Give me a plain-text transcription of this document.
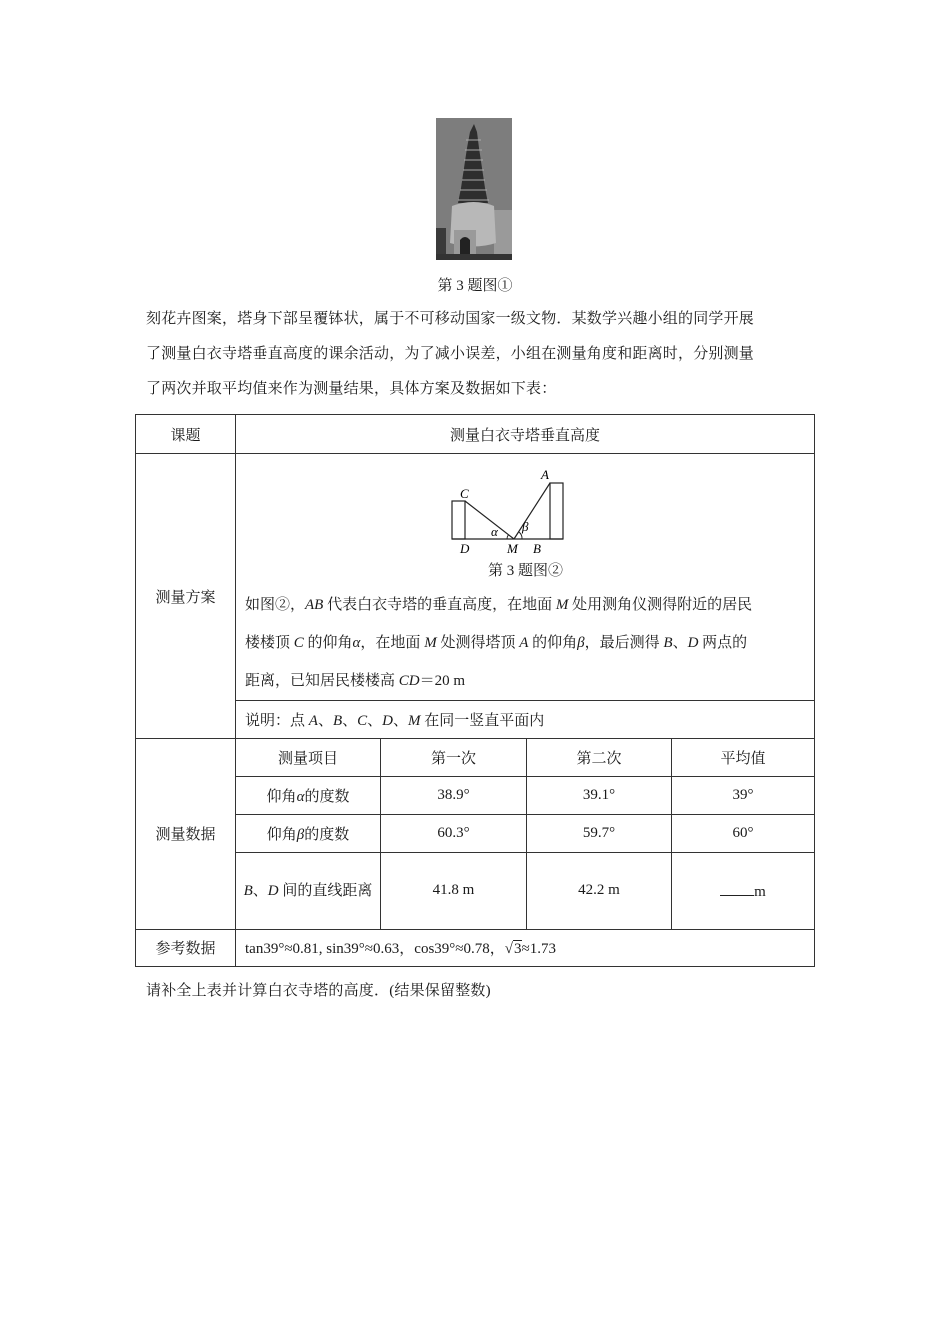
第 3 题图①
刻花卉图案，塔身下部呈覆钵状，属于不可移动国家一级文物．某数学兴趣小组的同学开展
了测量白衣寺塔垂直高度的课余活动，为了减小误差，小组在测量角度和距离时，分别测量
了两次并取平均值来作为测量结果，具体方案及数据如下表：
课题	测量白衣寺塔垂直高度
测量方案	
C
A
D	M B
α β
第 3 题图②
如图②，AB 代表白衣寺塔的垂直高度，在地面 M 处用测角仪测得附近的居民
楼楼顶 C 的仰角α，在地面 M 处测得塔顶 A 的仰角β，最后测得 B、D 两点的
距离，已知居民楼楼高 CD＝20 m

说明：点 A、B、C、D、M 在同一竖直平面内
测量数据	
测量项目	第一次	第二次	平均值
仰角α的度数	38.9°	39.1°	39°
仰角β的度数	60.3°	59.7°	60°
B、D 间的直线距离	41.8 m	42.2 m	m

参考数据	tan39°≈0.81, sin39°≈0.63，cos39°≈0.78，√3≈1.73
请补全上表并计算白衣寺塔的高度．(结果保留整数)
